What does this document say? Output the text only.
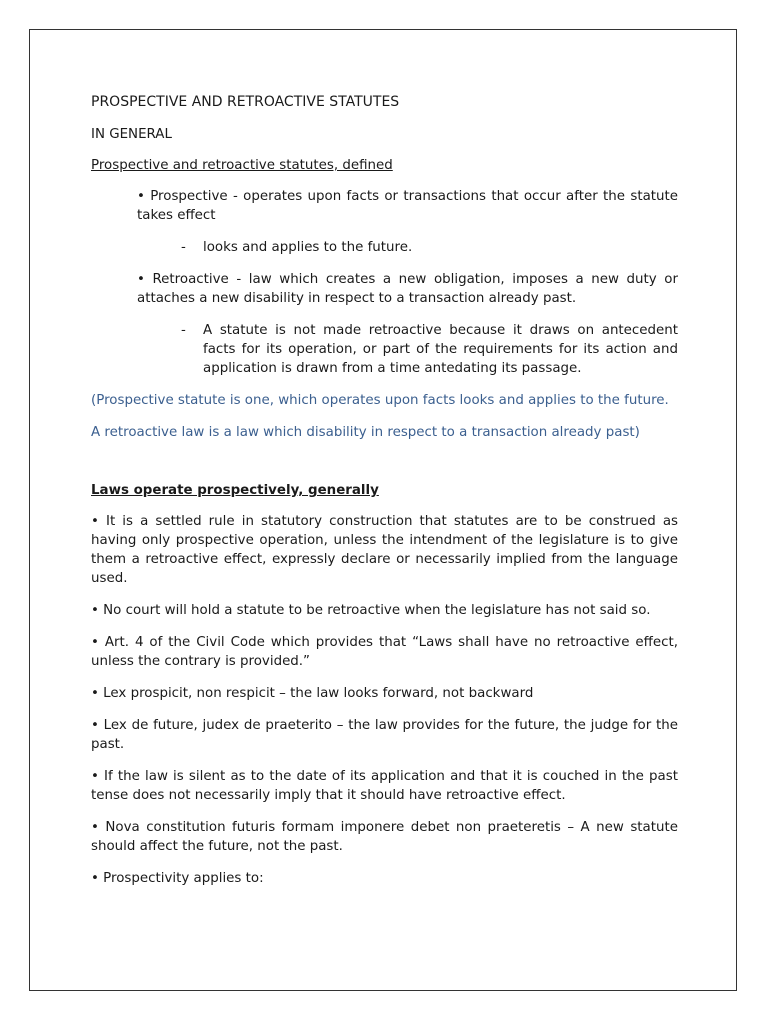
PROSPECTIVE AND RETROACTIVE STATUTES
IN GENERAL
Prospective and retroactive statutes, defined
• Prospective - operates upon facts or transactions that occur after the statute takes effect
-	looks and applies to the future.
• Retroactive - law which creates a new obligation, imposes a new duty or attaches a new disability in respect to a transaction already past.
-	A statute is not made retroactive because it draws on antecedent facts for its operation, or part of the requirements for its action and application is drawn from a time antedating its passage.
(Prospective statute is one, which operates upon facts looks and applies to the future.
A retroactive law is a law which disability in respect to a transaction already past)
Laws operate prospectively, generally
• It is a settled rule in statutory construction that statutes are to be construed as having only prospective operation, unless the intendment of the legislature is to give them a retroactive effect, expressly declare or necessarily implied from the language used.
• No court will hold a statute to be retroactive when the legislature has not said so.
• Art. 4 of the Civil Code which provides that “Laws shall have no retroactive effect, unless the contrary is provided.”
• Lex prospicit, non respicit – the law looks forward, not backward
• Lex de future, judex de praeterito – the law provides for the future, the judge for the past.
• If the law is silent as to the date of its application and that it is couched in the past tense does not necessarily imply that it should have retroactive effect.
• Nova constitution futuris formam imponere debet non praeteretis – A new statute should affect the future, not the past.
• Prospectivity applies to:
